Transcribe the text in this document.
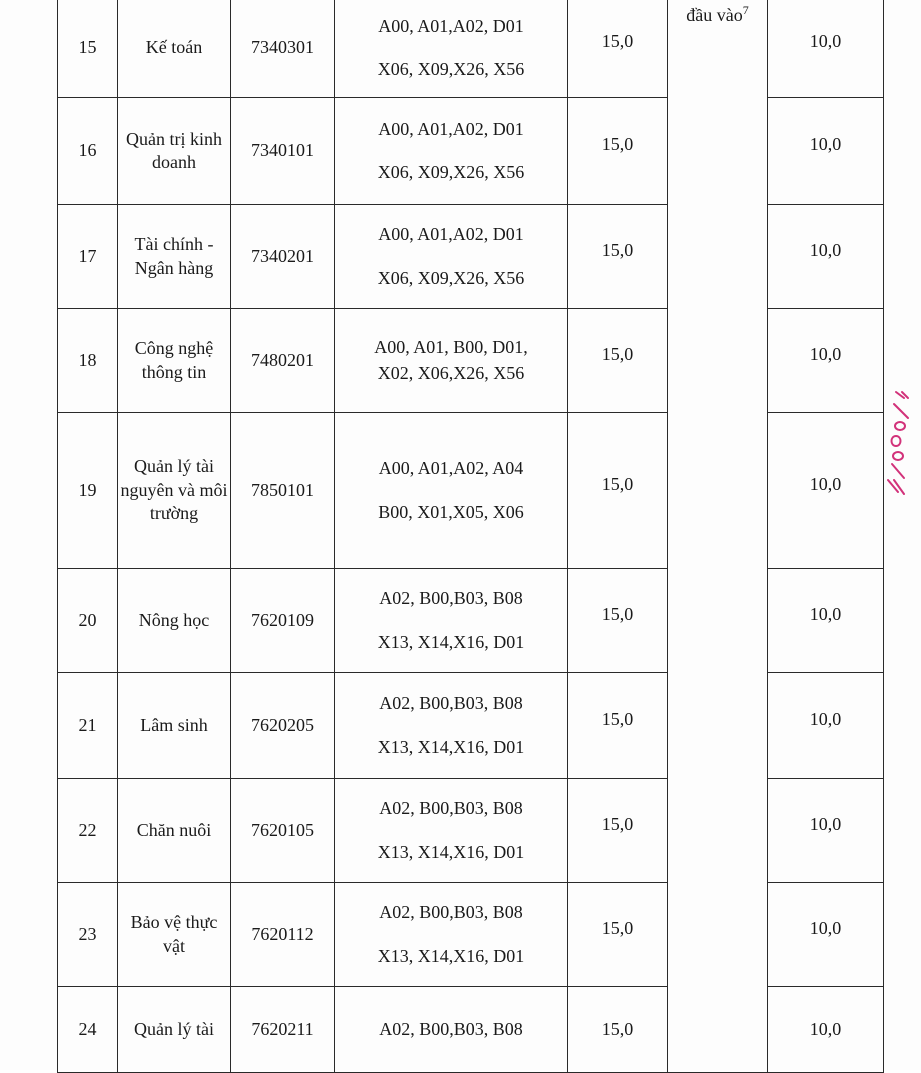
15	Kế toán	7340301	A00, A01,A02, D01
X06, X09,X26, X56	15,0	đầu vào$^7$	10,0
16	Quản trị kinh doanh	7340101	A00, A01,A02, D01
X06, X09,X26, X56	15,0		10,0
17	Tài chính - Ngân hàng	7340201	A00, A01,A02, D01
X06, X09,X26, X56	15,0		10,0
18	Công nghệ thông tin	7480201	A00, A01, B00, D01,
X02, X06,X26, X56	15,0		10,0
19	Quản lý tài nguyên và môi trường	7850101	A00, A01,A02, A04
B00, X01,X05, X06	15,0		10,0
20	Nông học	7620109	A02, B00,B03, B08
X13, X14,X16, D01	15,0		10,0
21	Lâm sinh	7620205	A02, B00,B03, B08
X13, X14,X16, D01	15,0		10,0
22	Chăn nuôi	7620105	A02, B00,B03, B08
X13, X14,X16, D01	15,0		10,0
23	Bảo vệ thực vật	7620112	A02, B00,B03, B08
X13, X14,X16, D01	15,0		10,0
24	Quản lý tài	7620211	A02, B00,B03, B08	15,0		10,0
